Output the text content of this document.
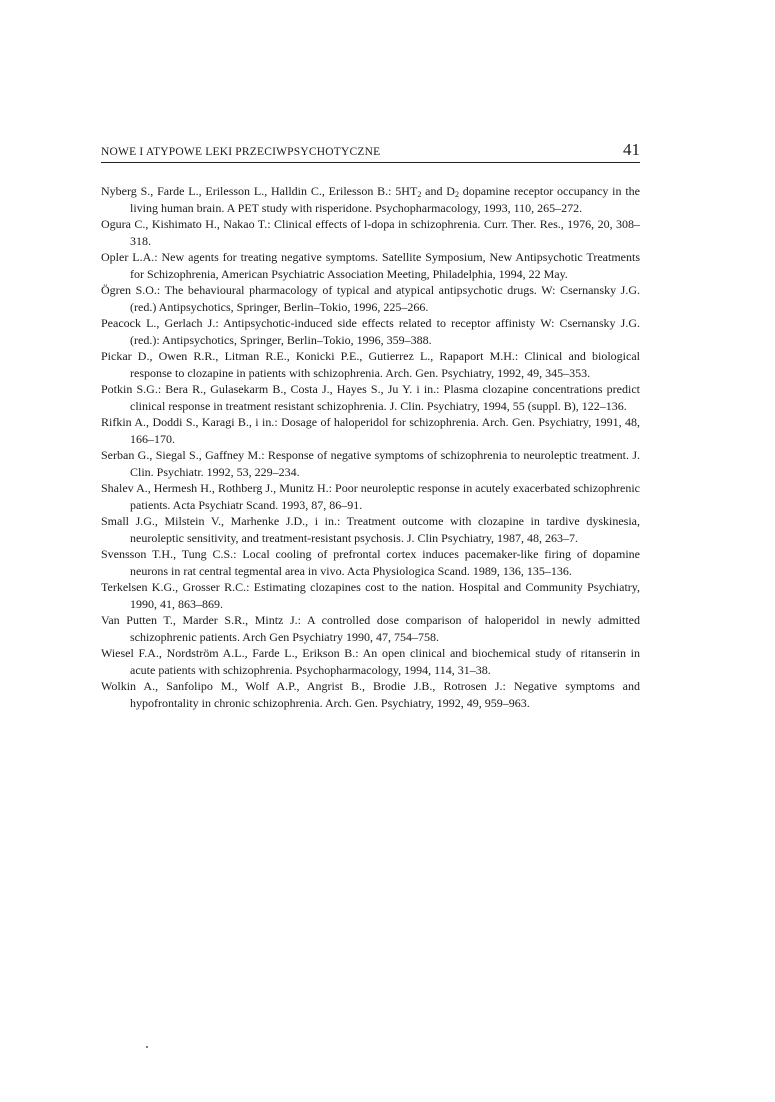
NOWE I ATYPOWE LEKI PRZECIWPSYCHOTYCZNE	41
Nyberg S., Farde L., Erilesson L., Halldin C., Erilesson B.: $5HT_2$ and $D_2$ dopamine receptor occupancy in the living human brain. A PET study with risperidone. Psychopharmacology, 1993, 110, 265–272.
Ogura C., Kishimato H., Nakao T.: Clinical effects of l-dopa in schizophrenia. Curr. Ther. Res., 1976, 20, 308–318.
Opler L.A.: New agents for treating negative symptoms. Satellite Symposium, New Antipsychotic Treatments for Schizophrenia, American Psychiatric Association Meeting, Philadelphia, 1994, 22 May.
Ögren S.O.: The behavioural pharmacology of typical and atypical antipsychotic drugs. W: Csernansky J.G. (red.) Antipsychotics, Springer, Berlin–Tokio, 1996, 225–266.
Peacock L., Gerlach J.: Antipsychotic-induced side effects related to receptor affinisty W: Csernansky J.G. (red.): Antipsychotics, Springer, Berlin–Tokio, 1996, 359–388.
Pickar D., Owen R.R., Litman R.E., Konicki P.E., Gutierrez L., Rapaport M.H.: Clinical and biological response to clozapine in patients with schizophrenia. Arch. Gen. Psychiatry, 1992, 49, 345–353.
Potkin S.G.: Bera R., Gulasekarm B., Costa J., Hayes S., Ju Y. i in.: Plasma clozapine concentrations predict clinical response in treatment resistant schizophrenia. J. Clin. Psychiatry, 1994, 55 (suppl. B), 122–136.
Rifkin A., Doddi S., Karagi B., i in.: Dosage of haloperidol for schizophrenia. Arch. Gen. Psychiatry, 1991, 48, 166–170.
Serban G., Siegal S., Gaffney M.: Response of negative symptoms of schizophrenia to neuroleptic treatment. J. Clin. Psychiatr. 1992, 53, 229–234.
Shalev A., Hermesh H., Rothberg J., Munitz H.: Poor neuroleptic response in acutely exacerbated schizophrenic patients. Acta Psychiatr Scand. 1993, 87, 86–91.
Small J.G., Milstein V., Marhenke J.D., i in.: Treatment outcome with clozapine in tardive dyskinesia, neuroleptic sensitivity, and treatment-resistant psychosis. J. Clin Psychiatry, 1987, 48, 263–7.
Svensson T.H., Tung C.S.: Local cooling of prefrontal cortex induces pacemaker-like firing of dopamine neurons in rat central tegmental area in vivo. Acta Physiologica Scand. 1989, 136, 135–136.
Terkelsen K.G., Grosser R.C.: Estimating clozapines cost to the nation. Hospital and Community Psychiatry, 1990, 41, 863–869.
Van Putten T., Marder S.R., Mintz J.: A controlled dose comparison of haloperidol in newly admitted schizophrenic patients. Arch Gen Psychiatry 1990, 47, 754–758.
Wiesel F.A., Nordström A.L., Farde L., Erikson B.: An open clinical and biochemical study of ritanserin in acute patients with schizophrenia. Psychopharmacology, 1994, 114, 31–38.
Wolkin A., Sanfolipo M., Wolf A.P., Angrist B., Brodie J.B., Rotrosen J.: Negative symptoms and hypofrontality in chronic schizophrenia. Arch. Gen. Psychiatry, 1992, 49, 959–963.
